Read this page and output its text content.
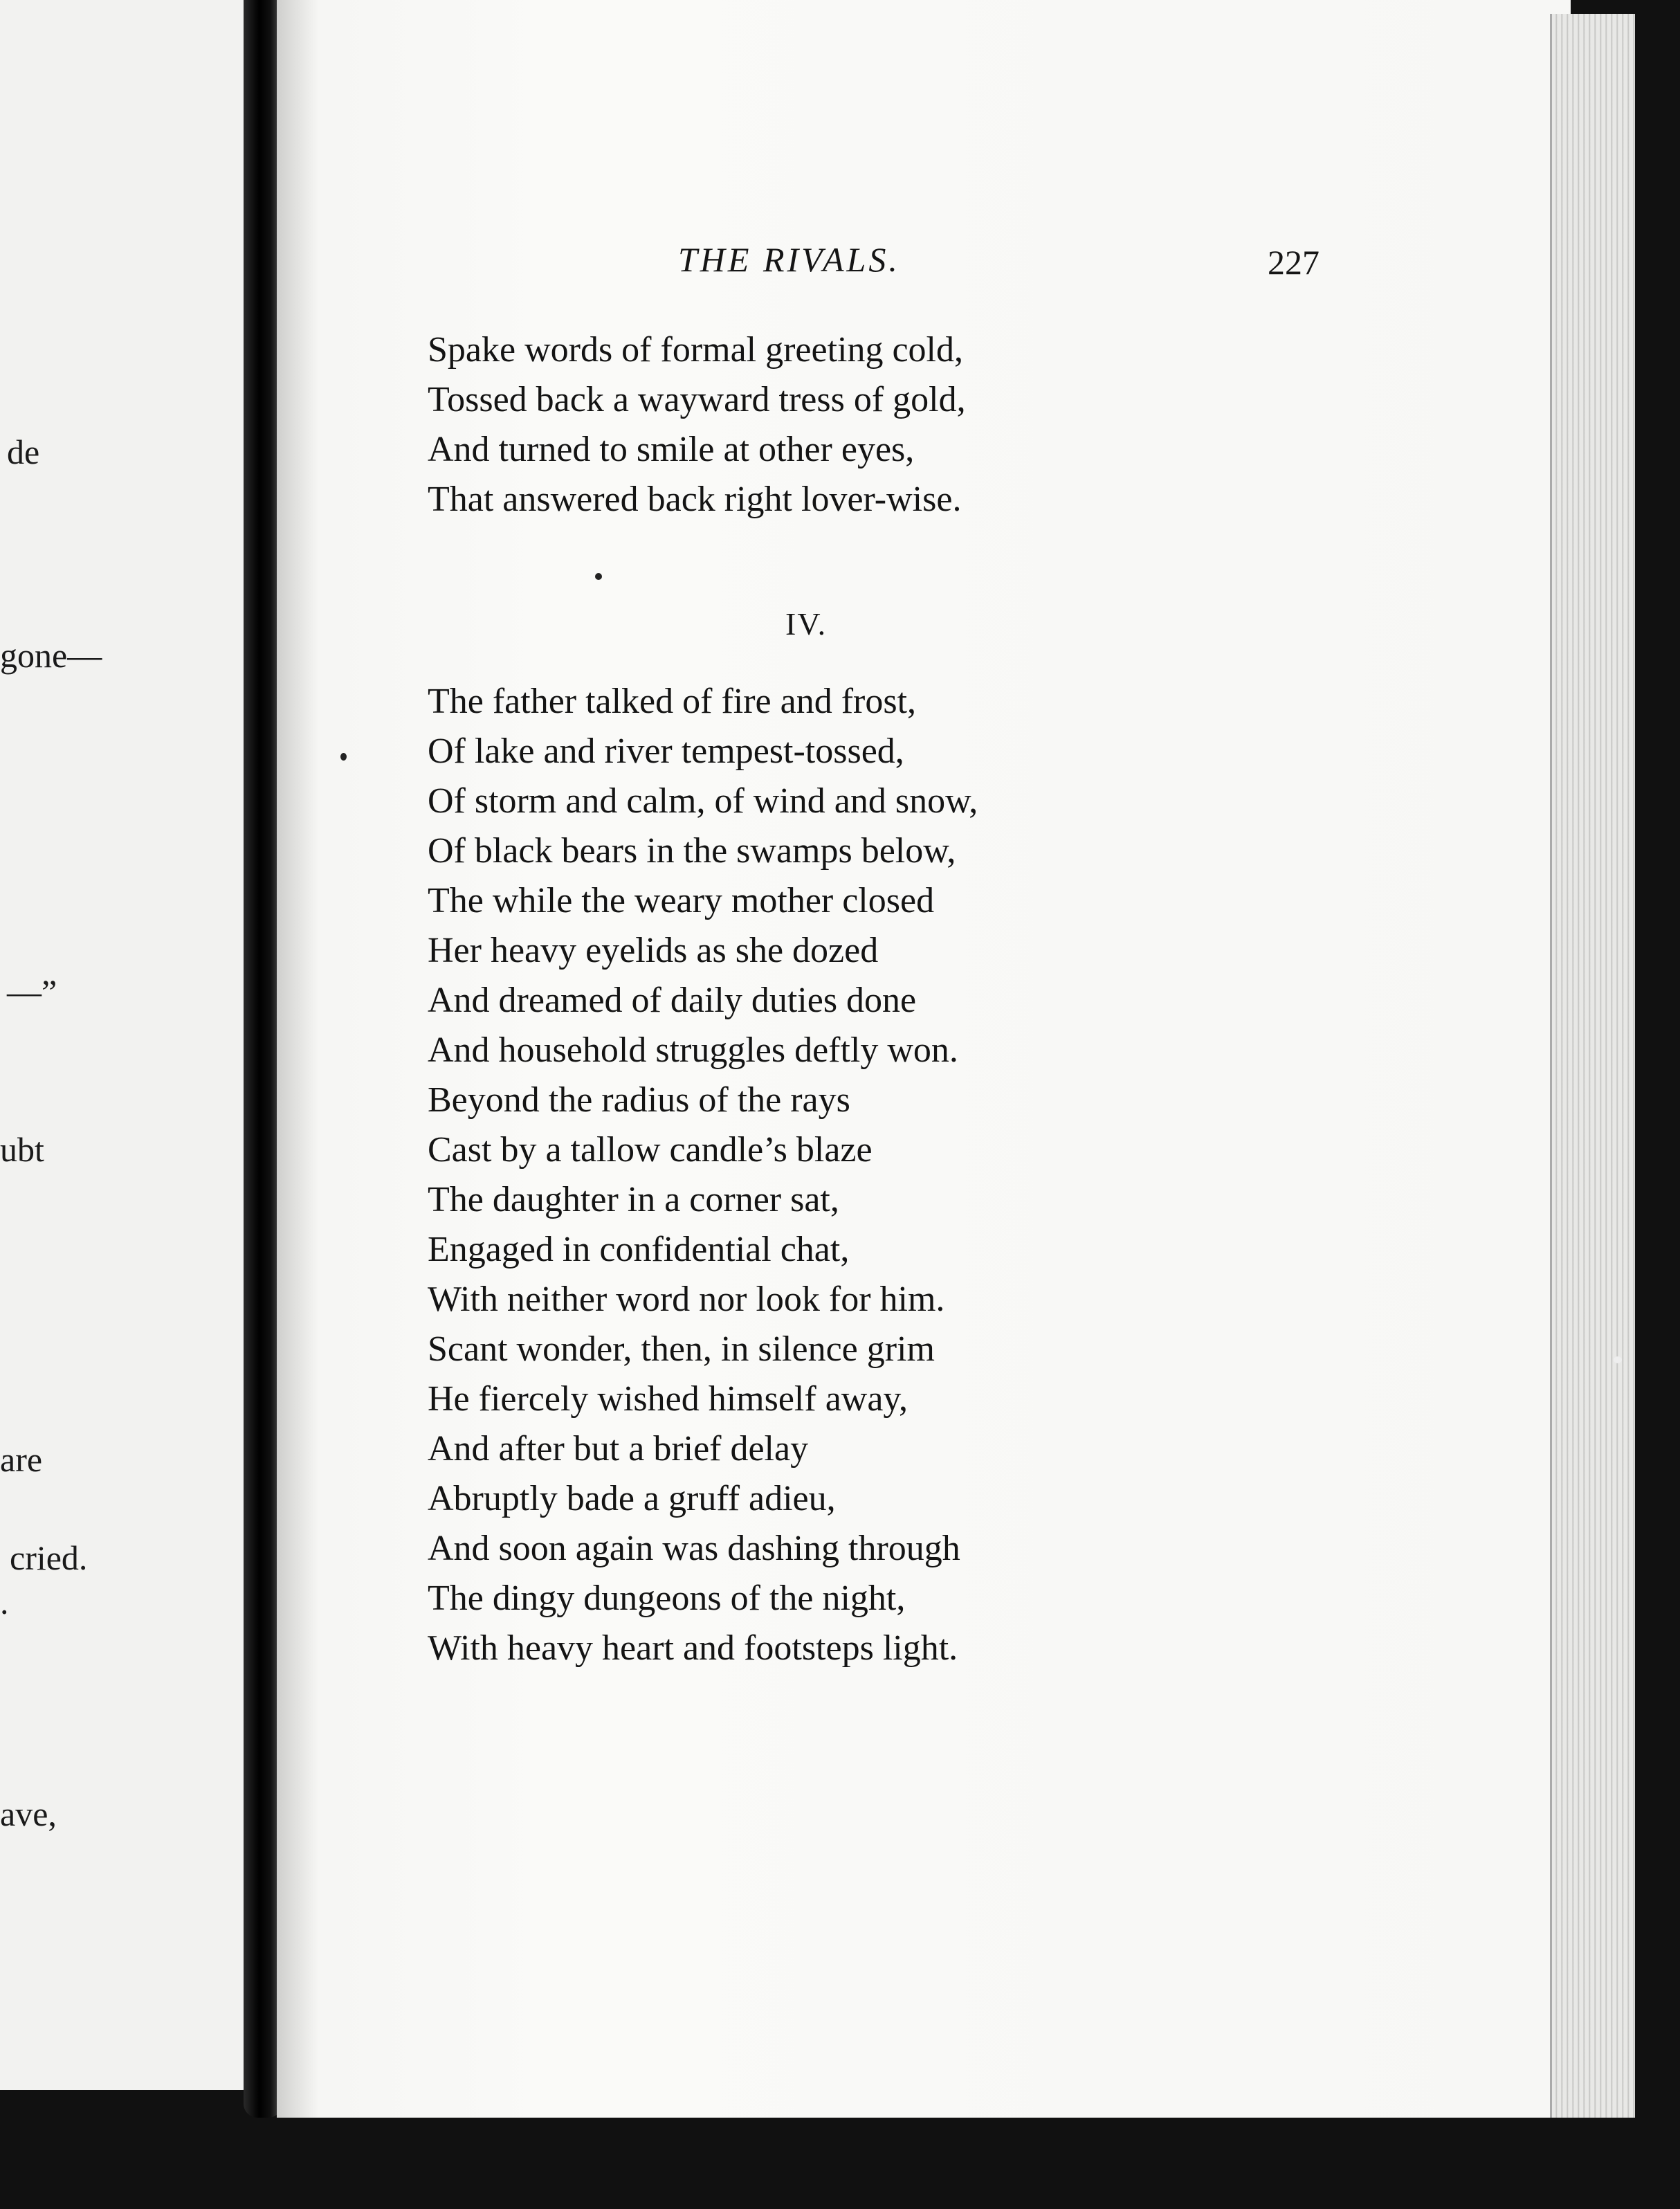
de
gone—
—”
ubt
are
cried.
.
ave,
THE RIVALS.	227
Spake words of formal greeting cold,
Tossed back a wayward tress of gold,
And turned to smile at other eyes,
That answered back right lover-wise.
IV.
The father talked of fire and frost,
Of lake and river tempest-tossed,
Of storm and calm, of wind and snow,
Of black bears in the swamps below,
The while the weary mother closed
Her heavy eyelids as she dozed
And dreamed of daily duties done
And household struggles deftly won.
Beyond the radius of the rays
Cast by a tallow candle’s blaze
The daughter in a corner sat,
Engaged in confidential chat,
With neither word nor look for him.
Scant wonder, then, in silence grim
He fiercely wished himself away,
And after but a brief delay
Abruptly bade a gruff adieu,
And soon again was dashing through
The dingy dungeons of the night,
With heavy heart and footsteps light.
